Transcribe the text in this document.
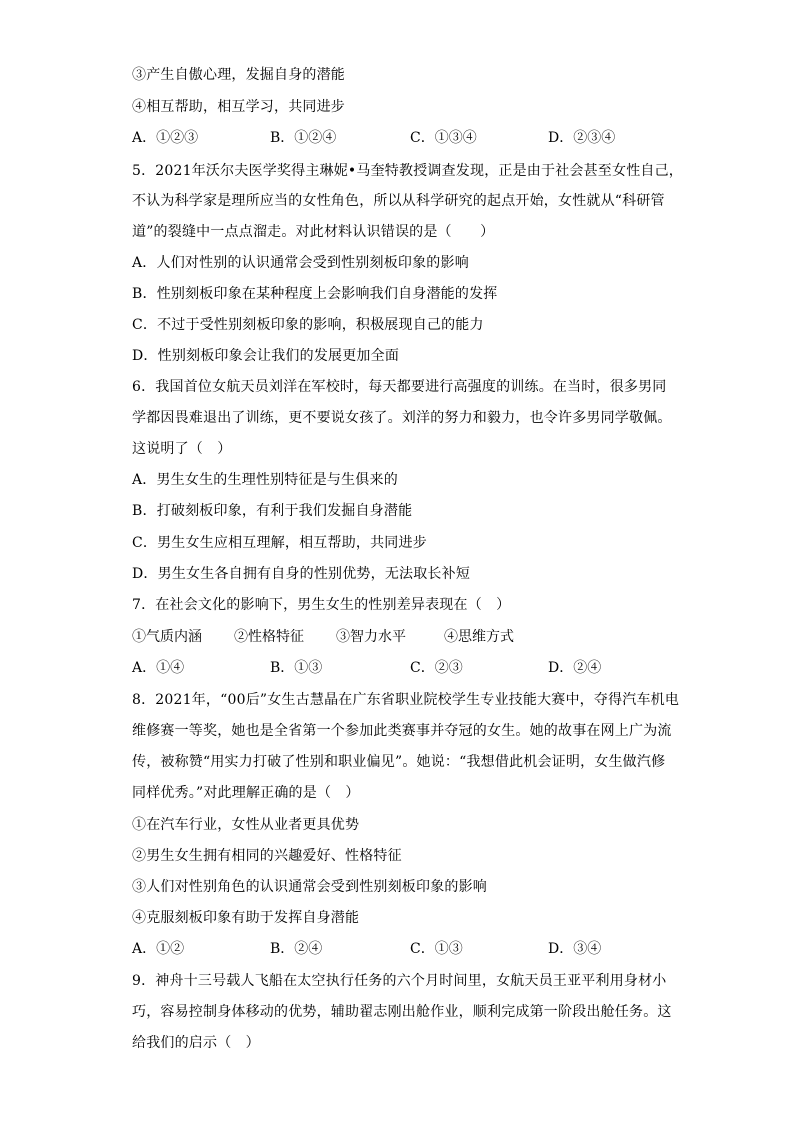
③产生自傲心理，发掘自身的潜能
④相互帮助，相互学习，共同进步
A．①②③	B．①②④	C．①③④	D．②③④
5．2021年沃尔夫医学奖得主琳妮•马奎特教授调查发现，正是由于社会甚至女性自己，
不认为科学家是理所应当的女性角色，所以从科学研究的起点开始，女性就从“科研管
道”的裂缝中一点点溜走。对此材料认识错误的是（　　）
A．人们对性别的认识通常会受到性别刻板印象的影响
B．性别刻板印象在某种程度上会影响我们自身潜能的发挥
C．不过于受性别刻板印象的影响，积极展现自己的能力
D．性别刻板印象会让我们的发展更加全面
6．我国首位女航天员刘洋在军校时，每天都要进行高强度的训练。在当时，很多男同
学都因畏难退出了训练，更不要说女孩了。刘洋的努力和毅力，也令许多男同学敬佩。
这说明了（　）
A．男生女生的生理性别特征是与生俱来的
B．打破刻板印象，有利于我们发掘自身潜能
C．男生女生应相互理解，相互帮助，共同进步
D．男生女生各自拥有自身的性别优势，无法取长补短
7．在社会文化的影响下，男生女生的性别差异表现在（　）
①气质内涵 ②性格特征 ③智力水平	④思维方式
A．①④	B．①③	C．②③	D．②④
8．2021年，“00后”女生古慧晶在广东省职业院校学生专业技能大赛中，夺得汽车机电
维修赛一等奖，她也是全省第一个参加此类赛事并夺冠的女生。她的故事在网上广为流
传，被称赞“用实力打破了性别和职业偏见”。她说：“我想借此机会证明，女生做汽修
同样优秀。”对此理解正确的是（　）
①在汽车行业，女性从业者更具优势
②男生女生拥有相同的兴趣爱好、性格特征
③人们对性别角色的认识通常会受到性别刻板印象的影响
④克服刻板印象有助于发挥自身潜能
A．①②	B．②④	C．①③	D．③④
9．神舟十三号载人飞船在太空执行任务的六个月时间里，女航天员王亚平利用身材小
巧，容易控制身体移动的优势，辅助翟志刚出舱作业，顺利完成第一阶段出舱任务。这
给我们的启示（　）
